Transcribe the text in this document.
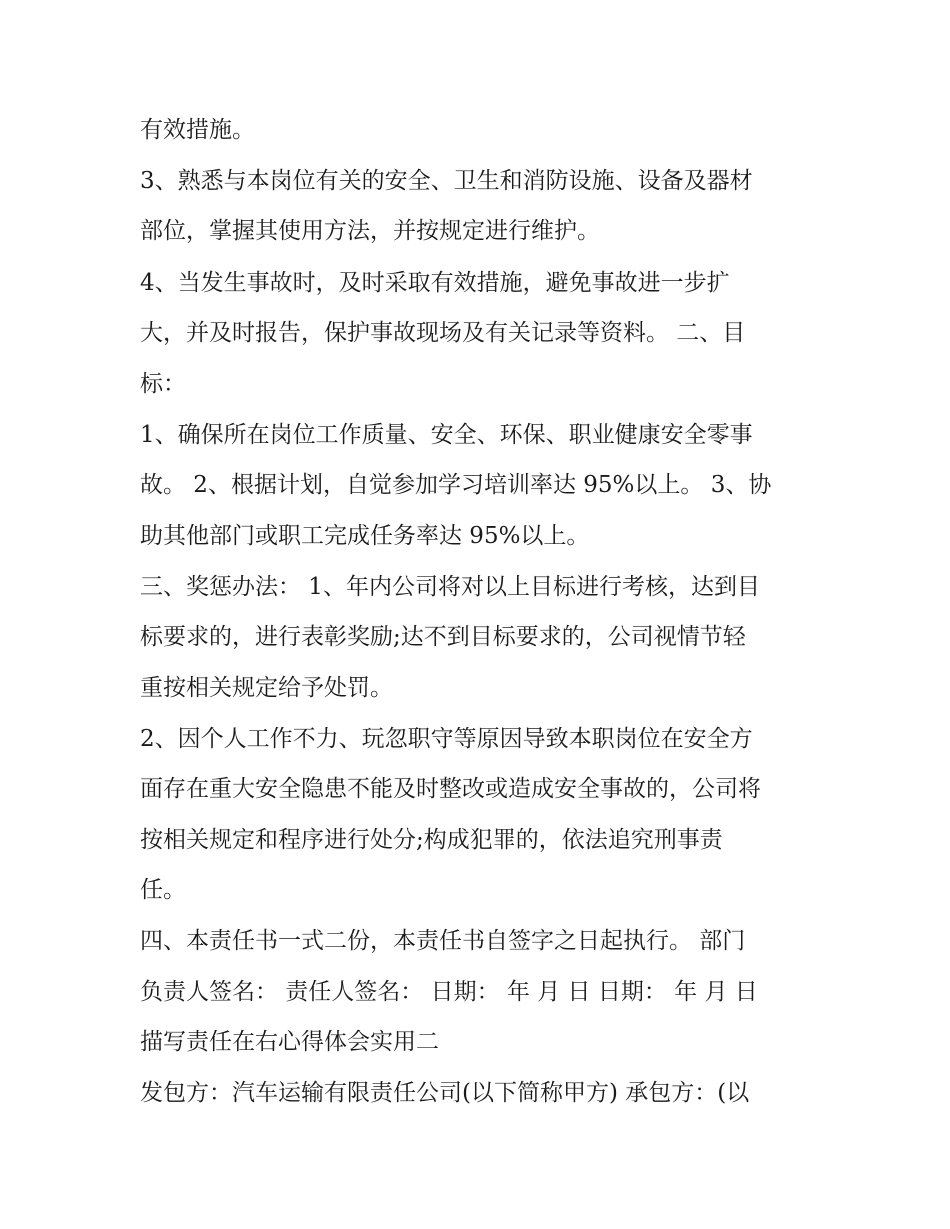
有效措施。
3、熟悉与本岗位有关的安全、卫生和消防设施、设备及器材
部位，掌握其使用方法，并按规定进行维护。
4、当发生事故时，及时采取有效措施，避免事故进一步扩
大，并及时报告，保护事故现场及有关记录等资料。 二、目
标：
1、确保所在岗位工作质量、安全、环保、职业健康安全零事
故。 2、根据计划，自觉参加学习培训率达 95%以上。 3、协
助其他部门或职工完成任务率达 95%以上。
三、奖惩办法： 1、年内公司将对以上目标进行考核，达到目
标要求的，进行表彰奖励;达不到目标要求的，公司视情节轻
重按相关规定给予处罚。
2、因个人工作不力、玩忽职守等原因导致本职岗位在安全方
面存在重大安全隐患不能及时整改或造成安全事故的，公司将
按相关规定和程序进行处分;构成犯罪的，依法追究刑事责
任。
四、本责任书一式二份，本责任书自签字之日起执行。 部门
负责人签名： 责任人签名： 日期： 年 月 日 日期： 年 月 日
描写责任在右心得体会实用二
发包方：汽车运输有限责任公司(以下简称甲方) 承包方：(以
